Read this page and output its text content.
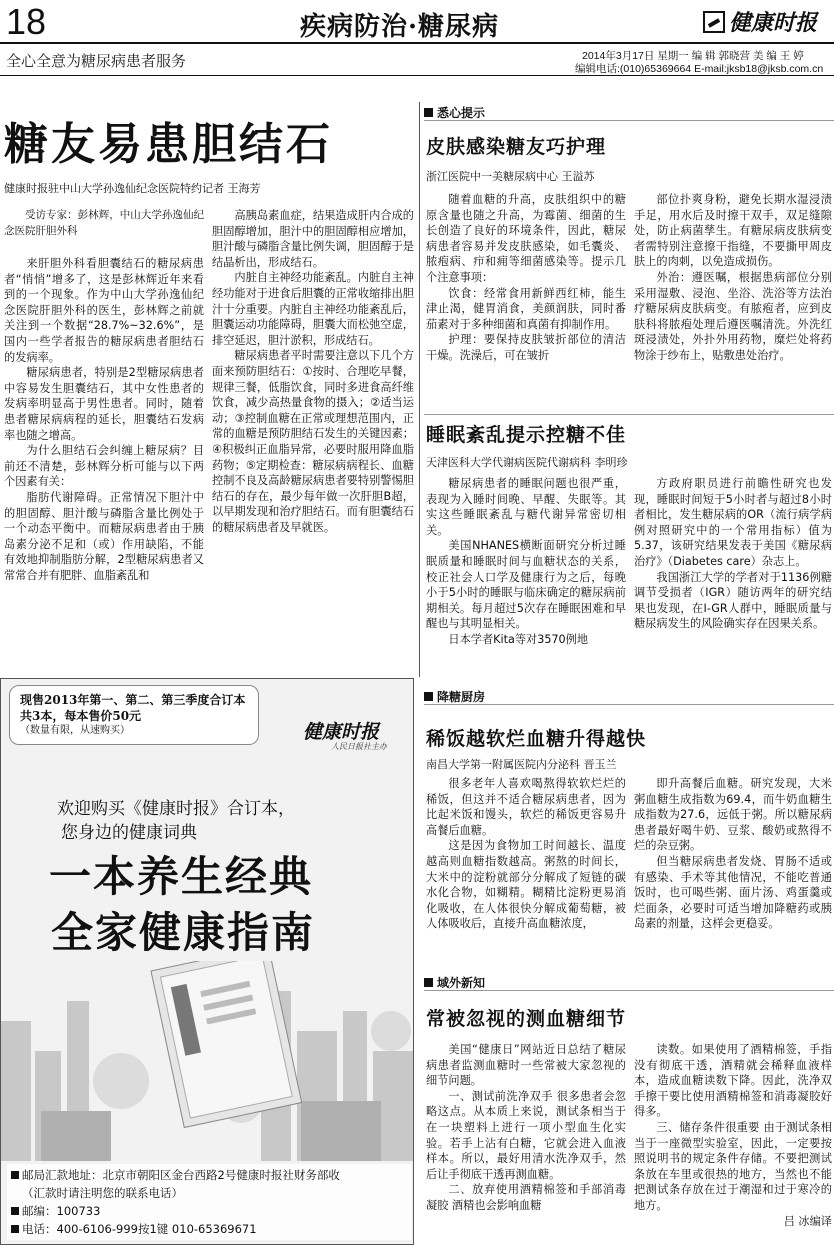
18	疾病防治·糖尿病	健康时报
全心全意为糖尿病患者服务	2014年3月17日 星期一 编 辑 郭晓营 美 编 王 婷
编辑电话:(010)65369664 E-mail:jksb18@jksb.com.cn
糖友易患胆结石
健康时报驻中山大学孙逸仙纪念医院特约记者 王海芳

受访专家：彭林辉，中山大学孙逸仙纪念医院肝胆外科

来肝胆外科看胆囊结石的糖尿病患者“悄悄”增多了，这是彭林辉近年来看到的一个现象。作为中山大学孙逸仙纪念医院肝胆外科的医生，彭林辉之前就关注到一个数据“28.7%~32.6%”，是国内一些学者报告的糖尿病患者胆结石的发病率。

糖尿病患者，特别是2型糖尿病患者中容易发生胆囊结石，其中女性患者的发病率明显高于男性患者。同时，随着患者糖尿病病程的延长，胆囊结石发病率也随之增高。

为什么胆结石会纠缠上糖尿病？目前还不清楚，彭林辉分析可能与以下两个因素有关：

脂肪代谢障碍。正常情况下胆汁中的胆固醇、胆汁酸与磷脂含量比例处于一个动态平衡中。而糖尿病患者由于胰岛素分泌不足和（或）作用缺陷，不能有效地抑制脂肪分解，2型糖尿病患者又常常合并有肥胖、血脂紊乱和

高胰岛素血症，结果造成肝内合成的胆固醇增加，胆汁中的胆固醇相应增加，胆汁酸与磷脂含量比例失调，胆固醇于是结晶析出，形成结石。

内脏自主神经功能紊乱。内脏自主神经功能对于进食后胆囊的正常收缩排出胆汁十分重要。内脏自主神经功能紊乱后，胆囊运动功能障碍，胆囊大而松弛空虚，排空延迟，胆汁淤积，形成结石。

糖尿病患者平时需要注意以下几个方面来预防胆结石：①按时、合理吃早餐，规律三餐，低脂饮食，同时多进食高纤维饮食，减少高热量食物的摄入；②适当运动；③控制血糖在正常或理想范围内，正常的血糖是预防胆结石发生的关键因素；④积极纠正血脂异常，必要时服用降血脂药物；⑤定期检查：糖尿病病程长、血糖控制不良及高龄糖尿病患者要特别警惕胆结石的存在，最少每年做一次肝胆B超，以早期发现和治疗胆结石。而有胆囊结石的糖尿病患者及早就医。

悉心提示
皮肤感染糖友巧护理
浙江医院中一美糖尿病中心 王溢苏

随着血糖的升高，皮肤组织中的糖原含量也随之升高，为霉菌、细菌的生长创造了良好的环境条件，因此，糖尿病患者容易并发皮肤感染，如毛囊炎、脓疱病、疖和痈等细菌感染等。提示几个注意事项：

饮食：经常食用新鲜西红柿，能生津止渴，健胃消食，美颜润肤，同时番茄素对于多种细菌和真菌有抑制作用。

护理：要保持皮肤皱折部位的清洁干燥。洗澡后，可在皱折

部位扑爽身粉，避免长期水湿浸渍手足，用水后及时擦干双手，双足缝隙处，防止病菌孳生。有糖尿病皮肤病变者需特别注意擦干指缝，不要撕甲周皮肤上的肉刺，以免造成损伤。

外治：遵医嘱，根据患病部位分别采用湿敷、浸泡、坐浴、洗浴等方法治疗糖尿病皮肤病变。有脓疱者，应到皮肤科将脓疱处理后遵医嘱清洗。外洗红斑浸渍处，外扑外用药物，糜烂处将药物涂于纱布上，贴敷患处治疗。

睡眠紊乱提示控糖不佳
天津医科大学代谢病医院代谢病科 李明珍

糖尿病患者的睡眠问题也很严重，表现为入睡时间晚、早醒、失眠等。其实这些睡眠紊乱与糖代谢异常密切相关。

美国NHANES横断面研究分析过睡眠质量和睡眠时间与血糖状态的关系，校正社会人口学及健康行为之后，每晚小于5小时的睡眠与临床确定的糖尿病前期相关。每月超过5次存在睡眠困难和早醒也与其明显相关。

日本学者Kita等对3570例地

方政府职员进行前瞻性研究也发现，睡眠时间短于5小时者与超过8小时者相比，发生糖尿病的OR（流行病学病例对照研究中的一个常用指标）值为5.37，该研究结果发表于美国《糖尿病治疗》（Diabetes care）杂志上。

我国浙江大学的学者对于1136例糖调节受损者（IGR）随访两年的研究结果也发现，在I-GR人群中，睡眠质量与糖尿病发生的风险确实存在因果关系。

降糖厨房
稀饭越软烂血糖升得越快
南昌大学第一附属医院内分泌科 晋玉兰

很多老年人喜欢喝熬得软软烂烂的稀饭，但这并不适合糖尿病患者，因为比起米饭和馒头，软烂的稀饭更容易升高餐后血糖。

这是因为食物加工时间越长、温度越高则血糖指数越高。粥熬的时间长，大米中的淀粉就部分分解成了短链的碳水化合物，如糊精。糊精比淀粉更易消化吸收，在人体很快分解成葡萄糖，被人体吸收后，直接升高血糖浓度，

即升高餐后血糖。研究发现，大米粥血糖生成指数为69.4，而牛奶血糖生成指数为27.6，远低于粥。所以糖尿病患者最好喝牛奶、豆浆、酸奶或熬得不烂的杂豆粥。

但当糖尿病患者发烧、胃肠不适或有感染、手术等其他情况，不能吃普通饭时，也可喝些粥、面片汤、鸡蛋羹或烂面条，必要时可适当增加降糖药或胰岛素的剂量，这样会更稳妥。

域外新知
常被忽视的测血糖细节

美国“健康日”网站近日总结了糖尿病患者监测血糖时一些常被大家忽视的细节问题。

一、测试前洗净双手 很多患者会忽略这点。从本质上来说，测试条相当于在一块塑料上进行一项小型血生化实验。若手上沾有白糖，它就会进入血液样本。所以，最好用清水洗净双手，然后让手彻底干透再测血糖。

二、放弃使用酒精棉签和手部消毒凝胶 酒精也会影响血糖

读数。如果使用了酒精棉签，手指没有彻底干透，酒精就会稀释血液样本，造成血糖读数下降。因此，洗净双手擦干要比使用酒精棉签和消毒凝胶好得多。

三、储存条件很重要 由于测试条相当于一座微型实验室，因此，一定要按照说明书的规定条件存储。不要把测试条放在车里或很热的地方，当然也不能把测试条存放在过于潮湿和过于寒冷的地方。

吕 冰编译

现售2013年第一、第二、第三季度合订本共3本，每本售价50元
（数量有限，从速购买）	健康时报
人民日报社主办
欢迎购买《健康时报》合订本，
您身边的健康词典
一本养生经典
全家健康指南
邮局汇款地址：北京市朝阳区金台西路2号健康时报社财务部收
（汇款时请注明您的联系电话）
邮编：100733
电话：400-6106-999按1键 010-65369671
